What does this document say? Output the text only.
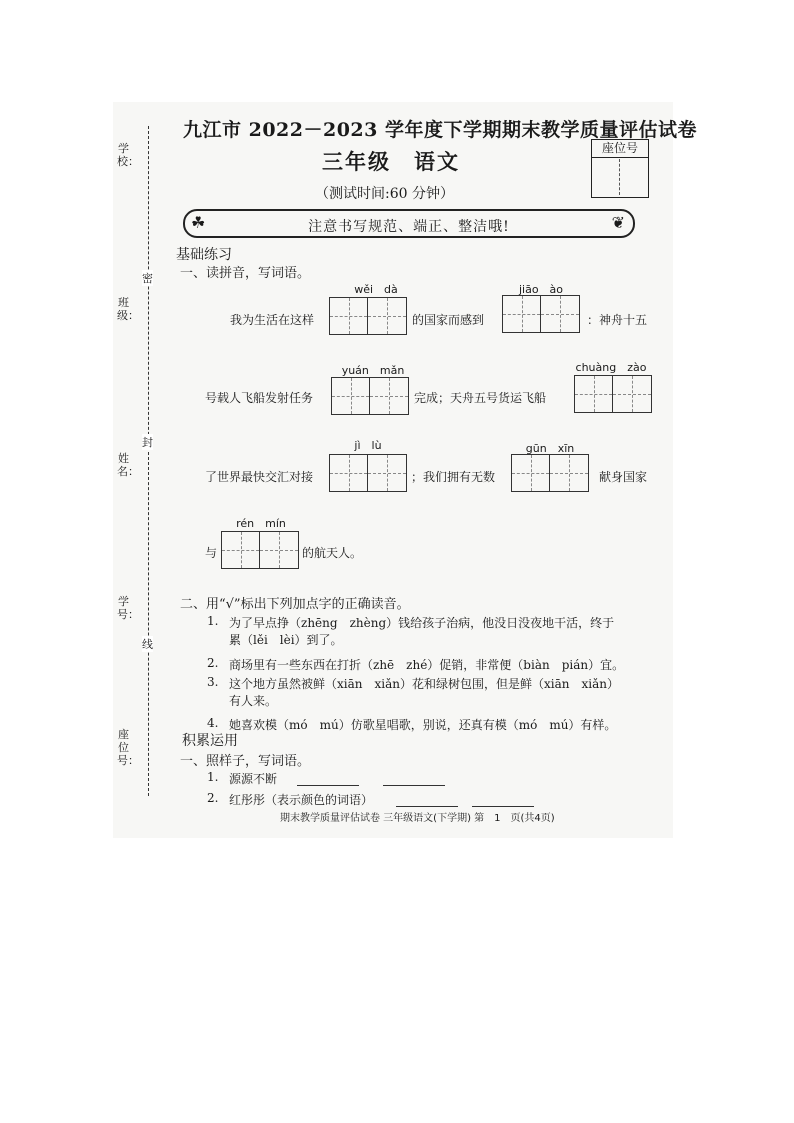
学校：
班级：
姓名：
学号：
座位号：
密
封
线
九江市 2022－2023 学年度下学期期末教学质量评估试卷
三年级　语文
（测试时间:60 分钟）
座位号
注意书写规范、端正、整洁哦!
☘	❦
基础练习
一、读拼音，写词语。
wěi　dà
我为生活在这样	的国家而感到
jiāo　ào
：神舟十五
yuán　mǎn
号载人飞船发射任务	完成；天舟五号货运飞船
chuàng　zào
jì　lù
了世界最快交汇对接	；我们拥有无数
gūn　xīn
献身国家
rén　mín
与	的航天人。
二、用“√”标出下列加点字的正确读音。
1. 为了早点挣（zhēng　zhèng）钱给孩子治病，他没日没夜地干活，终于
累（lěi　lèi）到了。
2. 商场里有一些东西在打折（zhē　zhé）促销，非常便（biàn　pián）宜。
3. 这个地方虽然被鲜（xiān　xiǎn）花和绿树包围，但是鲜（xiān　xiǎn）
有人来。
4. 她喜欢模（mó　mú）仿歌星唱歌，别说，还真有模（mó　mú）有样。
积累运用
一、照样子，写词语。
1. 源源不断
2. 红彤彤（表示颜色的词语）
期末教学质量评估试卷 三年级语文(下学期) 第　1　页(共4页)
